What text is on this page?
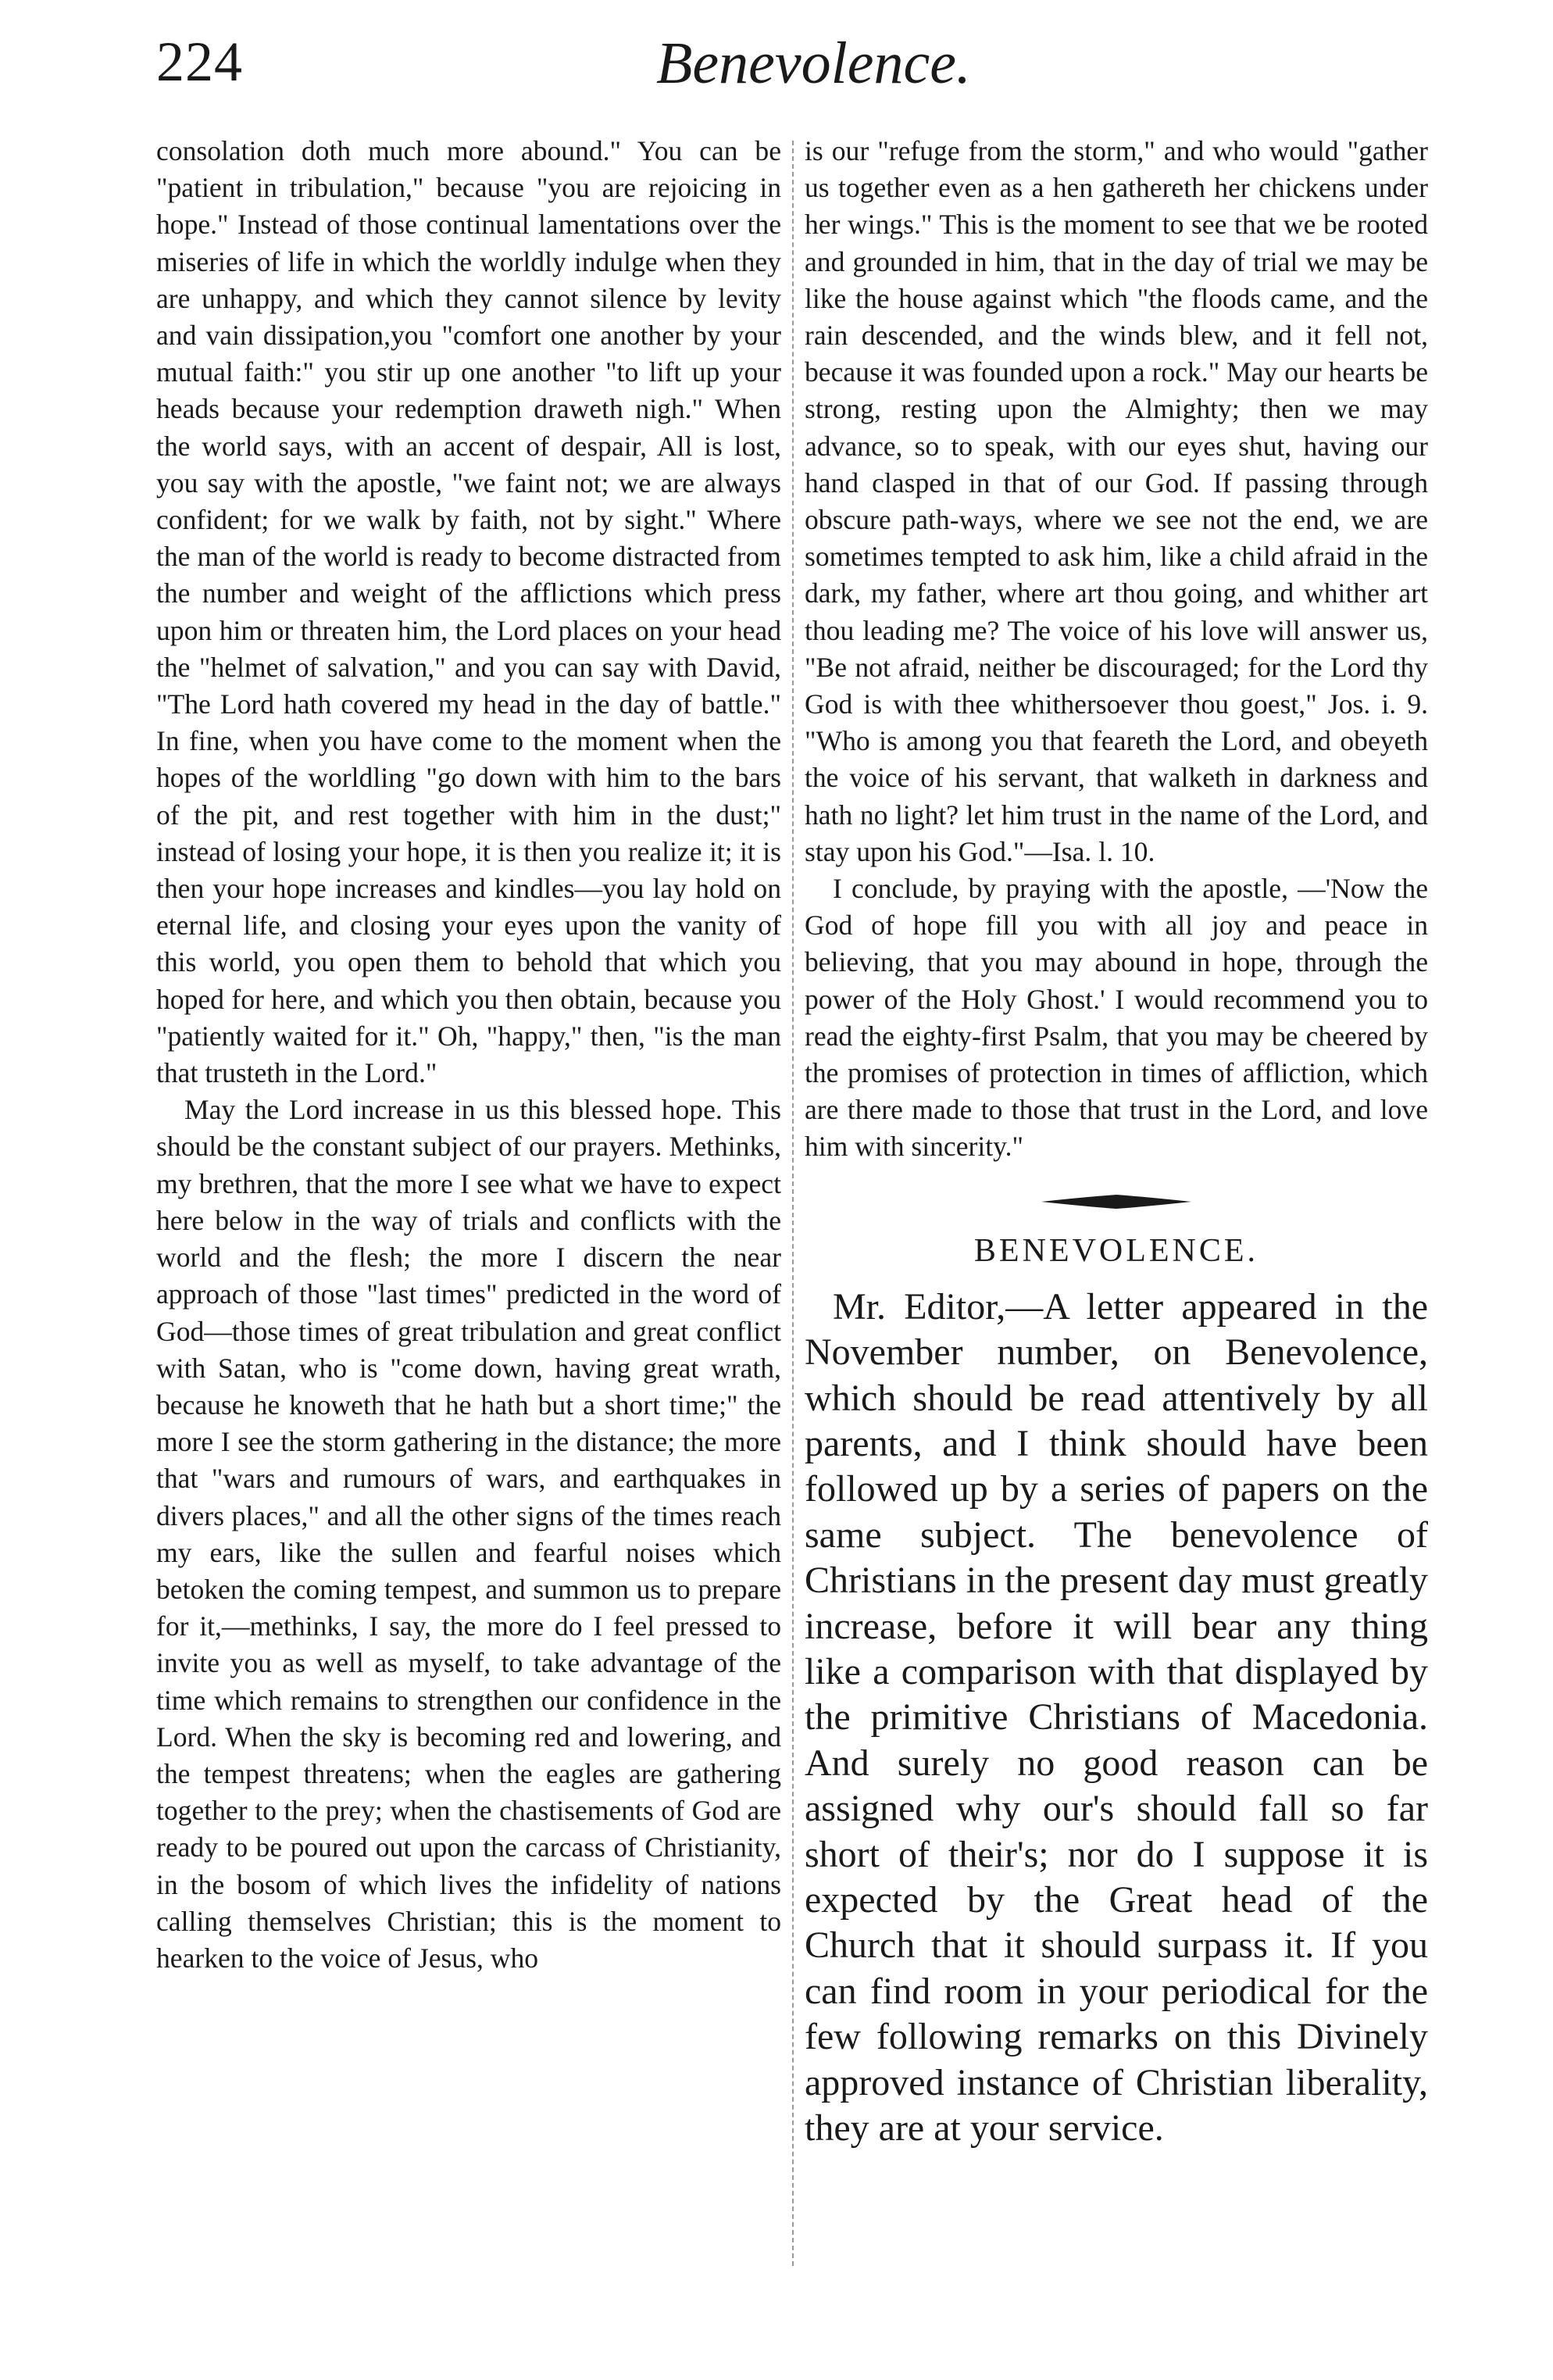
224	Benevolence.

consolation doth much more abound." You can be "patient in tribulation," because "you are rejoicing in hope." Instead of those continual lamentations over the miseries of life in which the worldly indulge when they are unhappy, and which they cannot silence by levity and vain dissipation,you "comfort one another by your mutual faith:" you stir up one another "to lift up your heads because your redemption draweth nigh." When the world says, with an accent of despair, All is lost, you say with the apostle, "we faint not; we are always confident; for we walk by faith, not by sight." Where the man of the world is ready to become distracted from the number and weight of the afflictions which press upon him or threaten him, the Lord places on your head the "helmet of salvation," and you can say with David, "The Lord hath covered my head in the day of battle." In fine, when you have come to the moment when the hopes of the worldling "go down with him to the bars of the pit, and rest together with him in the dust;" instead of losing your hope, it is then you realize it; it is then your hope increases and kindles—you lay hold on eternal life, and closing your eyes upon the vanity of this world, you open them to behold that which you hoped for here, and which you then obtain, because you "patiently waited for it." Oh, "happy," then, "is the man that trusteth in the Lord."

May the Lord increase in us this blessed hope. This should be the constant subject of our prayers. Methinks, my brethren, that the more I see what we have to expect here below in the way of trials and conflicts with the world and the flesh; the more I discern the near approach of those "last times" predicted in the word of God—those times of great tribulation and great conflict with Satan, who is "come down, having great wrath, because he knoweth that he hath but a short time;" the more I see the storm gathering in the distance; the more that "wars and rumours of wars, and earthquakes in divers places," and all the other signs of the times reach my ears, like the sullen and fearful noises which betoken the coming tempest, and summon us to prepare for it,—methinks, I say, the more do I feel pressed to invite you as well as myself, to take advantage of the time which remains to strengthen our confidence in the Lord. When the sky is becoming red and lowering, and the tempest threatens; when the eagles are gathering together to the prey; when the chastisements of God are ready to be poured out upon the carcass of Christianity, in the bosom of which lives the infidelity of nations calling themselves Christian; this is the moment to hearken to the voice of Jesus, who

is our "refuge from the storm," and who would "gather us together even as a hen gathereth her chickens under her wings." This is the moment to see that we be rooted and grounded in him, that in the day of trial we may be like the house against which "the floods came, and the rain descended, and the winds blew, and it fell not, because it was founded upon a rock." May our hearts be strong, resting upon the Almighty; then we may advance, so to speak, with our eyes shut, having our hand clasped in that of our God. If passing through obscure path-ways, where we see not the end, we are sometimes tempted to ask him, like a child afraid in the dark, my father, where art thou going, and whither art thou leading me? The voice of his love will answer us, "Be not afraid, neither be discouraged; for the Lord thy God is with thee whithersoever thou goest," Jos. i. 9. "Who is among you that feareth the Lord, and obeyeth the voice of his servant, that walketh in darkness and hath no light? let him trust in the name of the Lord, and stay upon his God."—Isa. l. 10.

I conclude, by praying with the apostle, —'Now the God of hope fill you with all joy and peace in believing, that you may abound in hope, through the power of the Holy Ghost.' I would recommend you to read the eighty-first Psalm, that you may be cheered by the promises of protection in times of affliction, which are there made to those that trust in the Lord, and love him with sincerity."

BENEVOLENCE.

Mr. Editor,—A letter appeared in the November number, on Benevolence, which should be read attentively by all parents, and I think should have been followed up by a series of papers on the same subject. The benevolence of Christians in the present day must greatly increase, before it will bear any thing like a comparison with that displayed by the primitive Christians of Macedonia. And surely no good reason can be assigned why our's should fall so far short of their's; nor do I suppose it is expected by the Great head of the Church that it should surpass it. If you can find room in your periodical for the few following remarks on this Divinely approved instance of Christian liberality, they are at your service.
